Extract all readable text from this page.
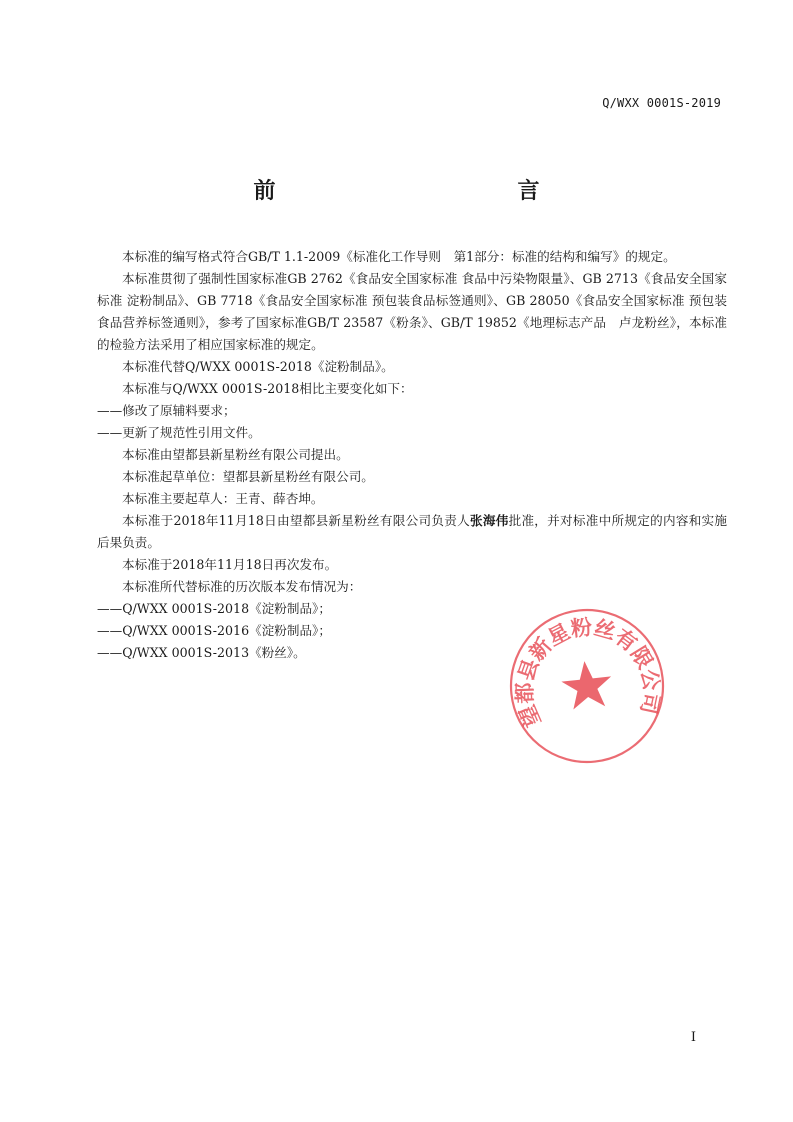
Q/WXX 0001S-2019
前　　言

本标准的编写格式符合GB/T 1.1-2009《标准化工作导则　第1部分：标准的结构和编写》的规定。

本标准贯彻了强制性国家标准GB 2762《食品安全国家标准 食品中污染物限量》、GB 2713《食品安全国家标准 淀粉制品》、GB 7718《食品安全国家标准 预包装食品标签通则》、GB 28050《食品安全国家标准 预包装食品营养标签通则》，参考了国家标准GB/T 23587《粉条》、GB/T 19852《地理标志产品　卢龙粉丝》，本标准的检验方法采用了相应国家标准的规定。

本标准代替Q/WXX 0001S-2018《淀粉制品》。

本标准与Q/WXX 0001S-2018相比主要变化如下：

——修改了原辅料要求；

——更新了规范性引用文件。

本标准由望都县新星粉丝有限公司提出。

本标准起草单位：望都县新星粉丝有限公司。

本标准主要起草人：王青、薛杏坤。

本标准于2018年11月18日由望都县新星粉丝有限公司负责人张海伟批准，并对标准中所规定的内容和实施后果负责。

本标准于2018年11月18日再次发布。

本标准所代替标准的历次版本发布情况为：

——Q/WXX 0001S-2018《淀粉制品》；

——Q/WXX 0001S-2016《淀粉制品》；

——Q/WXX 0001S-2013《粉丝》。

望都县新星粉丝有限公司
I
